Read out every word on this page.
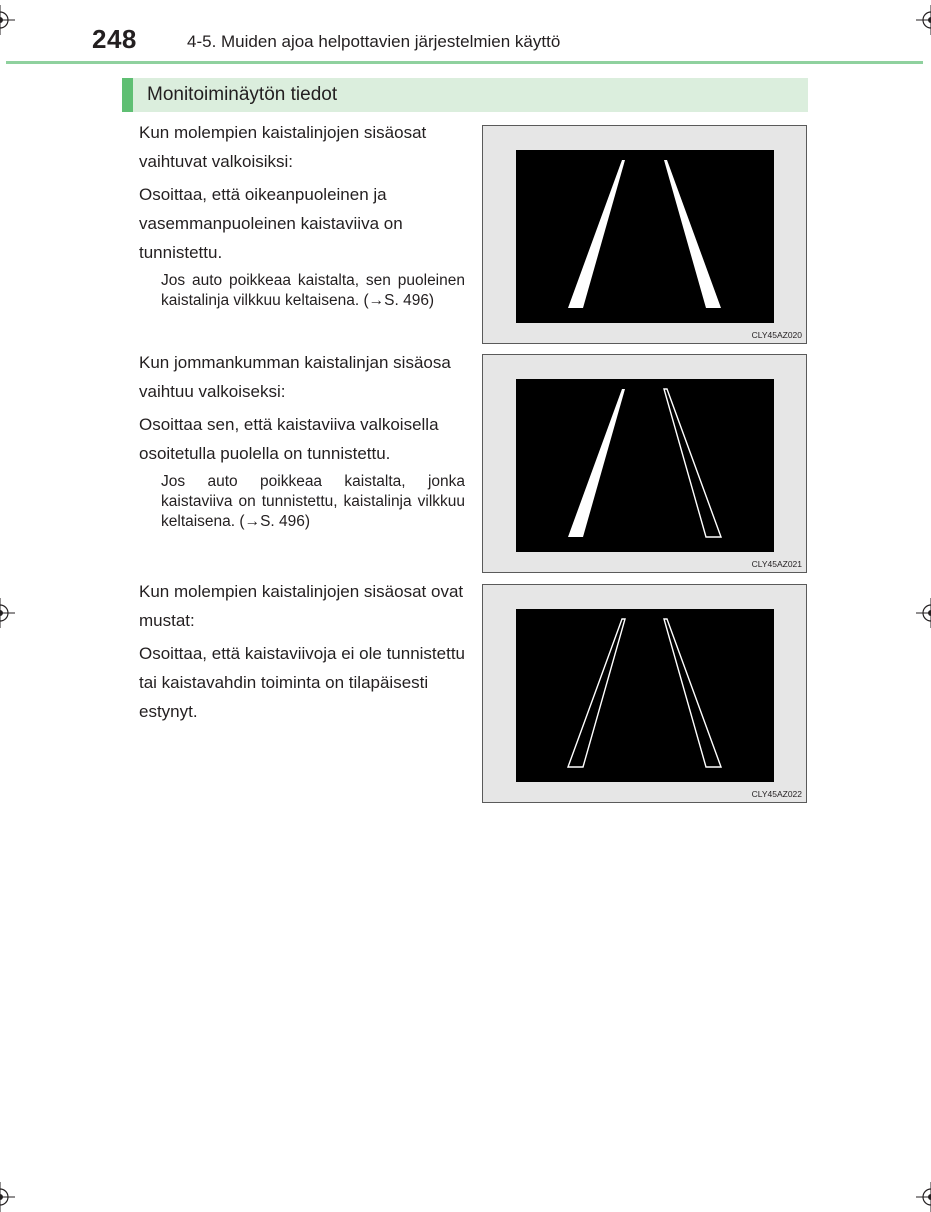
248	4-5. Muiden ajoa helpottavien järjestelmien käyttö
Monitoiminäytön tiedot

Kun molempien kaistalinjojen sisäosat vaihtuvat valkoisiksi:

Osoittaa, että oikeanpuoleinen ja vasemmanpuoleinen kaistaviiva on tunnistettu.

Jos auto poikkeaa kaistalta, sen puoleinen kaistalinja vilkkuu keltaisena. (→S. 496)

CLY45AZ020

Kun jommankumman kaistalinjan sisäosa vaihtuu valkoiseksi:

Osoittaa sen, että kaistaviiva valkoisella osoitetulla puolella on tunnistettu.

Jos auto poikkeaa kaistalta, jonka kaistaviiva on tunnistettu, kaistalinja vilkkuu keltaisena. (→S. 496)

CLY45AZ021

Kun molempien kaistalinjojen sisäosat ovat mustat:

Osoittaa, että kaistaviivoja ei ole tunnistettu tai kaistavahdin toiminta on tilapäisesti estynyt.

CLY45AZ022
